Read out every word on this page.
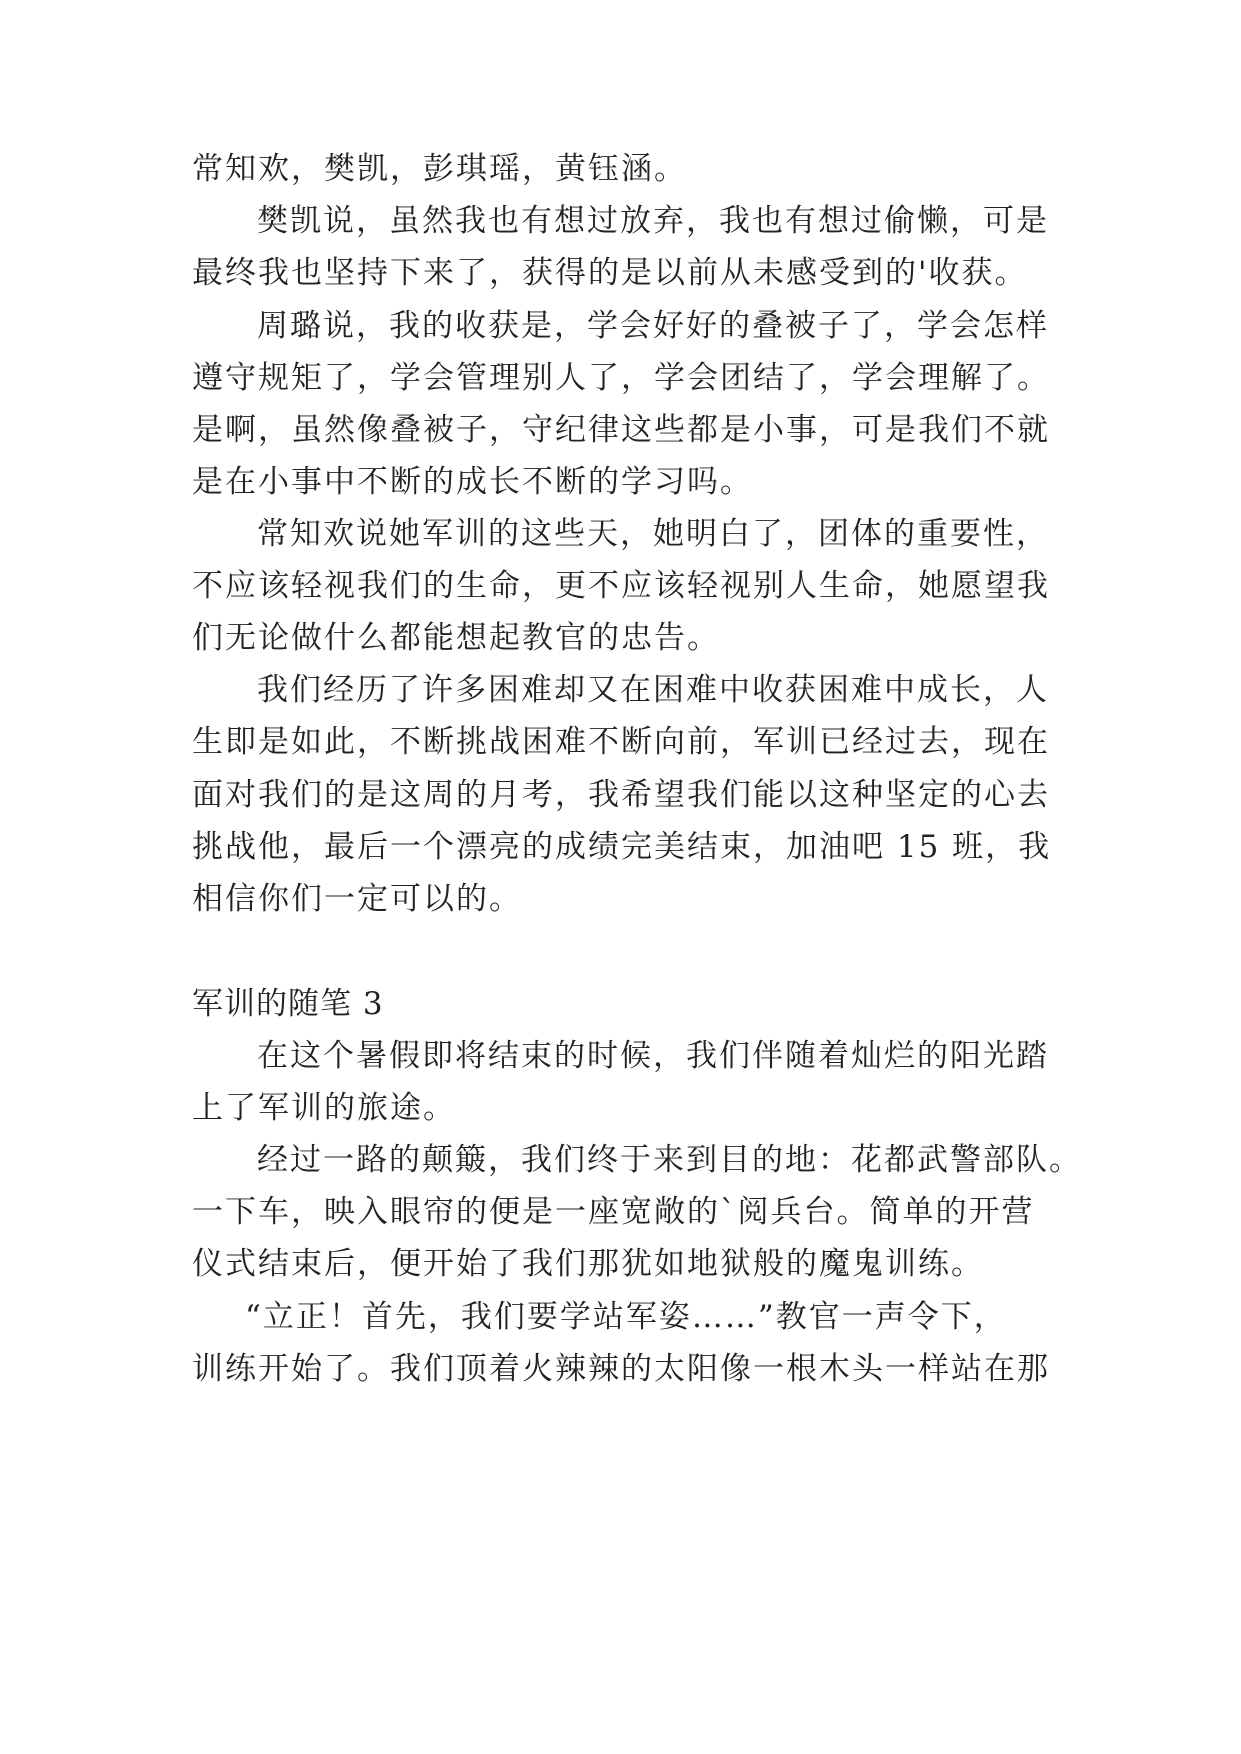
常知欢，樊凯，彭琪瑶，黄钰涵。
樊凯说，虽然我也有想过放弃，我也有想过偷懒，可是
最终我也坚持下来了，获得的是以前从未感受到的'收获。
周璐说，我的收获是，学会好好的叠被子了，学会怎样
遵守规矩了，学会管理别人了，学会团结了，学会理解了。
是啊，虽然像叠被子，守纪律这些都是小事，可是我们不就
是在小事中不断的成长不断的学习吗。
常知欢说她军训的这些天，她明白了，团体的重要性，
不应该轻视我们的生命，更不应该轻视别人生命，她愿望我
们无论做什么都能想起教官的忠告。
我们经历了许多困难却又在困难中收获困难中成长，人
生即是如此，不断挑战困难不断向前，军训已经过去，现在
面对我们的是这周的月考，我希望我们能以这种坚定的心去
挑战他，最后一个漂亮的成绩完美结束，加油吧 15 班，我
相信你们一定可以的。
军训的随笔 3
在这个暑假即将结束的时候，我们伴随着灿烂的阳光踏
上了军训的旅途。
经过一路的颠簸，我们终于来到目的地：花都武警部队。
一下车，映入眼帘的便是一座宽敞的`阅兵台。简单的开营
仪式结束后，便开始了我们那犹如地狱般的魔鬼训练。
“立正！首先，我们要学站军姿……”教官一声令下，
训练开始了。我们顶着火辣辣的太阳像一根木头一样站在那
